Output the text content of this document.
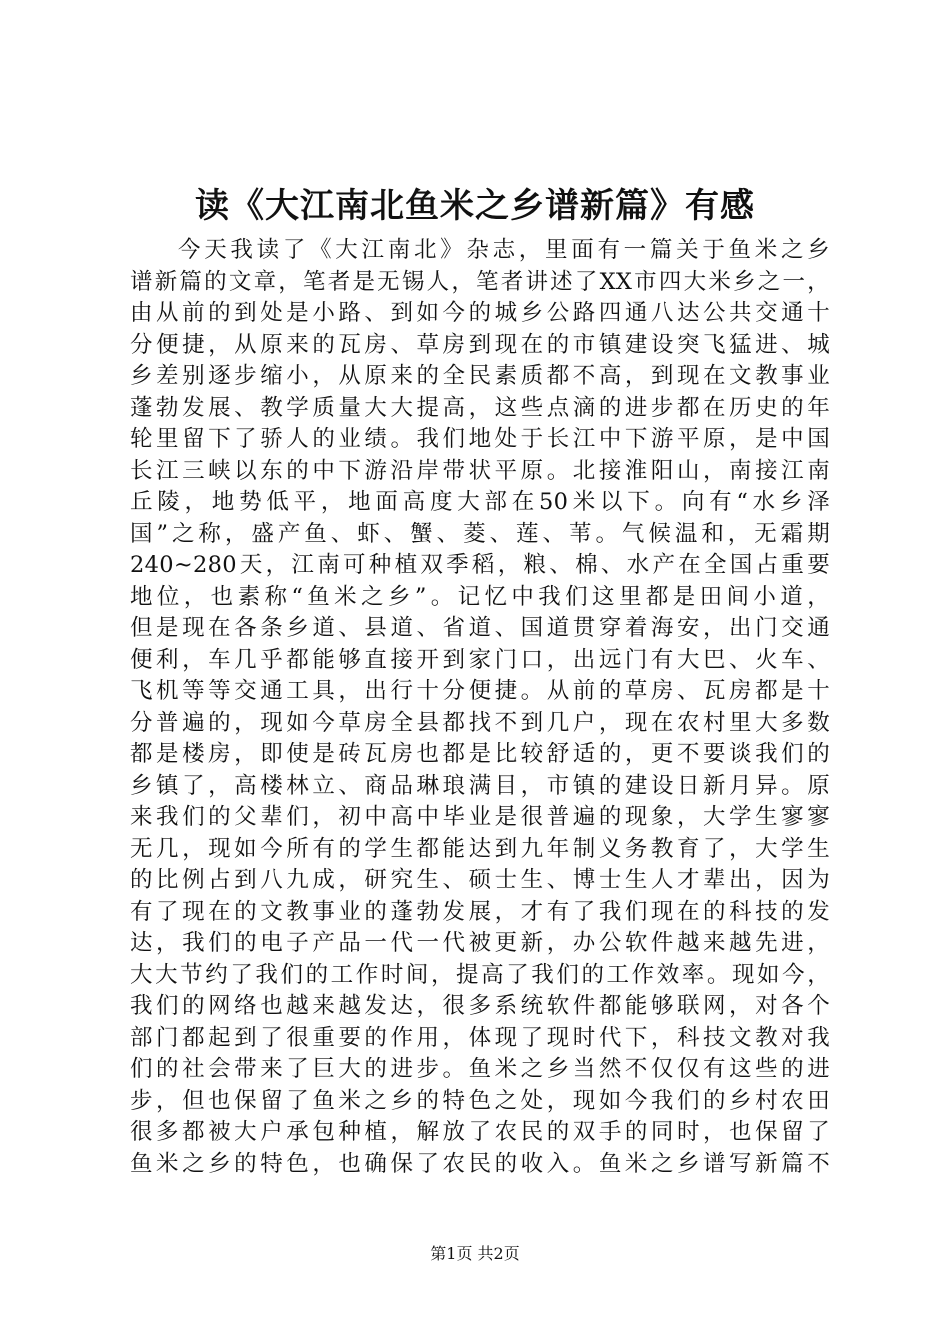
读《大江南北鱼米之乡谱新篇》有感
今天我读了《大江南北》杂志，里面有一篇关于鱼米之乡
谱新篇的文章，笔者是无锡人，笔者讲述了XX市四大米乡之一，
由从前的到处是小路、到如今的城乡公路四通八达公共交通十
分便捷，从原来的瓦房、草房到现在的市镇建设突飞猛进、城
乡差别逐步缩小，从原来的全民素质都不高，到现在文教事业
蓬勃发展、教学质量大大提高，这些点滴的进步都在历史的年
轮里留下了骄人的业绩。我们地处于长江中下游平原，是中国
长江三峡以东的中下游沿岸带状平原。北接淮阳山，南接江南
丘陵，地势低平，地面高度大部在50米以下。向有“水乡泽
国”之称，盛产鱼、虾、蟹、菱、莲、苇。气候温和，无霜期
240~280天，江南可种植双季稻，粮、棉、水产在全国占重要
地位，也素称“鱼米之乡”。记忆中我们这里都是田间小道，
但是现在各条乡道、县道、省道、国道贯穿着海安，出门交通
便利，车几乎都能够直接开到家门口，出远门有大巴、火车、
飞机等等交通工具，出行十分便捷。从前的草房、瓦房都是十
分普遍的，现如今草房全县都找不到几户，现在农村里大多数
都是楼房，即使是砖瓦房也都是比较舒适的，更不要谈我们的
乡镇了，高楼林立、商品琳琅满目，市镇的建设日新月异。原
来我们的父辈们，初中高中毕业是很普遍的现象，大学生寥寥
无几，现如今所有的学生都能达到九年制义务教育了，大学生
的比例占到八九成，研究生、硕士生、博士生人才辈出，因为
有了现在的文教事业的蓬勃发展，才有了我们现在的科技的发
达，我们的电子产品一代一代被更新，办公软件越来越先进，
大大节约了我们的工作时间，提高了我们的工作效率。现如今，
我们的网络也越来越发达，很多系统软件都能够联网，对各个
部门都起到了很重要的作用，体现了现时代下，科技文教对我
们的社会带来了巨大的进步。鱼米之乡当然不仅仅有这些的进
步，但也保留了鱼米之乡的特色之处，现如今我们的乡村农田
很多都被大户承包种植，解放了农民的双手的同时，也保留了
鱼米之乡的特色，也确保了农民的收入。鱼米之乡谱写新篇不
第1页 共2页
